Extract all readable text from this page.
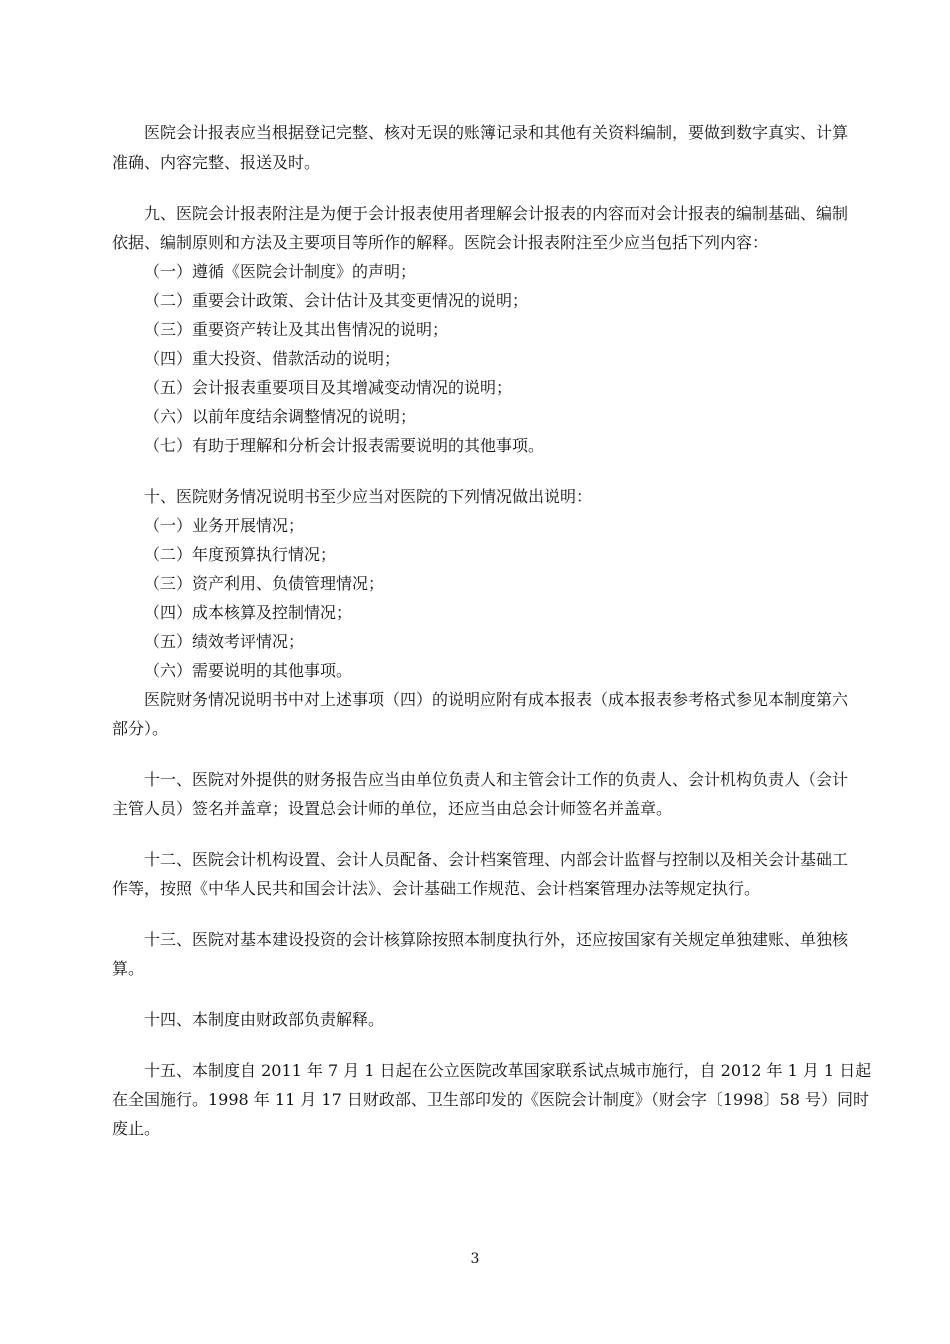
医院会计报表应当根据登记完整、核对无误的账簿记录和其他有关资料编制，要做到数字真实、计算
准确、内容完整、报送及时。
九、医院会计报表附注是为便于会计报表使用者理解会计报表的内容而对会计报表的编制基础、编制
依据、编制原则和方法及主要项目等所作的解释。医院会计报表附注至少应当包括下列内容：
（一）遵循《医院会计制度》的声明；
（二）重要会计政策、会计估计及其变更情况的说明；
（三）重要资产转让及其出售情况的说明；
（四）重大投资、借款活动的说明；
（五）会计报表重要项目及其增减变动情况的说明；
（六）以前年度结余调整情况的说明；
（七）有助于理解和分析会计报表需要说明的其他事项。
十、医院财务情况说明书至少应当对医院的下列情况做出说明：
（一）业务开展情况；
（二）年度预算执行情况；
（三）资产利用、负债管理情况；
（四）成本核算及控制情况；
（五）绩效考评情况；
（六）需要说明的其他事项。
医院财务情况说明书中对上述事项（四）的说明应附有成本报表（成本报表参考格式参见本制度第六
部分）。
十一、医院对外提供的财务报告应当由单位负责人和主管会计工作的负责人、会计机构负责人（会计
主管人员）签名并盖章；设置总会计师的单位，还应当由总会计师签名并盖章。
十二、医院会计机构设置、会计人员配备、会计档案管理、内部会计监督与控制以及相关会计基础工
作等，按照《中华人民共和国会计法》、会计基础工作规范、会计档案管理办法等规定执行。
十三、医院对基本建设投资的会计核算除按照本制度执行外，还应按国家有关规定单独建账、单独核
算。
十四、本制度由财政部负责解释。
十五、本制度自 2011 年 7 月 1 日起在公立医院改革国家联系试点城市施行，自 2012 年 1 月 1 日起
在全国施行。1998 年 11 月 17 日财政部、卫生部印发的《医院会计制度》（财会字〔1998〕58 号）同时
废止。
3
